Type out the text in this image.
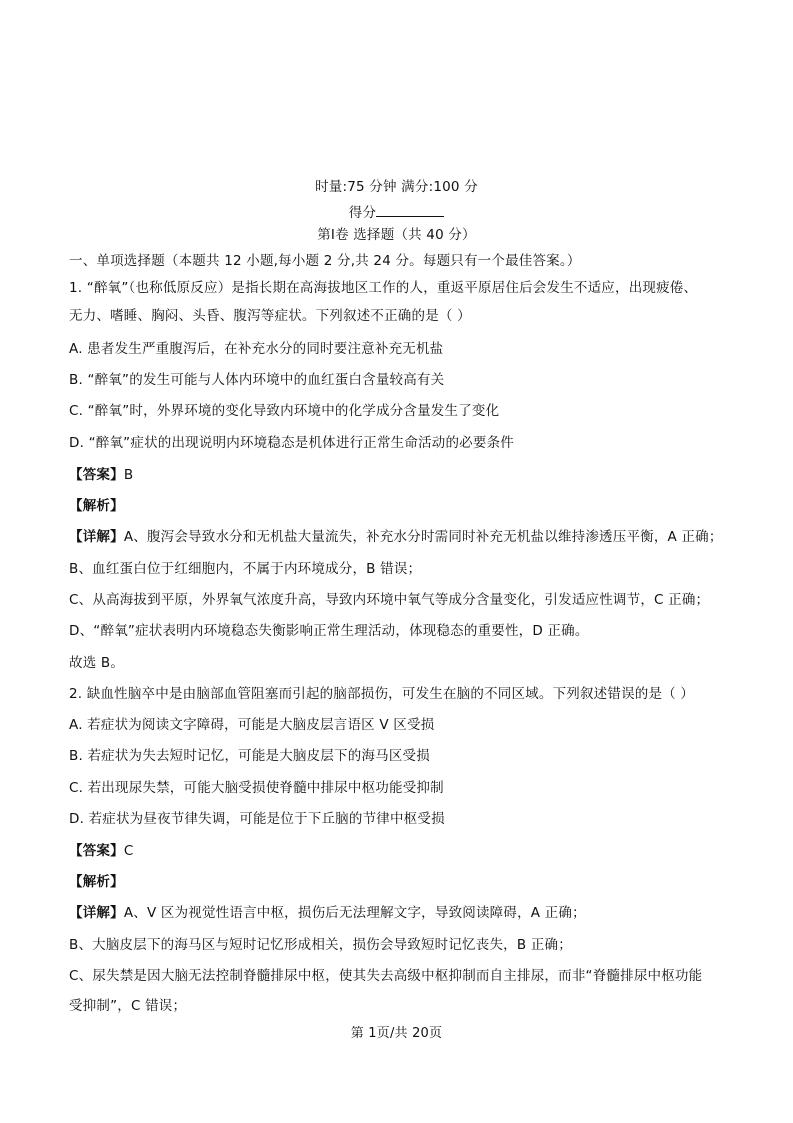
时量:75 分钟 满分:100 分
得分
第Ⅰ卷 选择题（共 40 分）
一、单项选择题（本题共 12 小题,每小题 2 分,共 24 分。每题只有一个最佳答案。）
1. “醉氧”（也称低原反应）是指长期在高海拔地区工作的人，重返平原居住后会发生不适应，出现疲倦、
无力、嗜睡、胸闷、头昏、腹泻等症状。下列叙述不正确的是（ ）
A. 患者发生严重腹泻后，在补充水分的同时要注意补充无机盐
B. “醉氧”的发生可能与人体内环境中的血红蛋白含量较高有关
C. “醉氧”时，外界环境的变化导致内环境中的化学成分含量发生了变化
D. “醉氧”症状的出现说明内环境稳态是机体进行正常生命活动的必要条件
【答案】B
【解析】
【详解】A、腹泻会导致水分和无机盐大量流失，补充水分时需同时补充无机盐以维持渗透压平衡，A 正确；
B、血红蛋白位于红细胞内，不属于内环境成分，B 错误；
C、从高海拔到平原，外界氧气浓度升高，导致内环境中氧气等成分含量变化，引发适应性调节，C 正确；
D、“醉氧”症状表明内环境稳态失衡影响正常生理活动，体现稳态的重要性，D 正确。
故选 B。
2. 缺血性脑卒中是由脑部血管阻塞而引起的脑部损伤，可发生在脑的不同区域。下列叙述错误的是（ ）
A. 若症状为阅读文字障碍，可能是大脑皮层言语区 V 区受损
B. 若症状为失去短时记忆，可能是大脑皮层下的海马区受损
C. 若出现尿失禁，可能大脑受损使脊髓中排尿中枢功能受抑制
D. 若症状为昼夜节律失调，可能是位于下丘脑的节律中枢受损
【答案】C
【解析】
【详解】A、V 区为视觉性语言中枢，损伤后无法理解文字，导致阅读障碍，A 正确；
B、大脑皮层下的海马区与短时记忆形成相关，损伤会导致短时记忆丧失，B 正确；
C、尿失禁是因大脑无法控制脊髓排尿中枢，使其失去高级中枢抑制而自主排尿，而非“脊髓排尿中枢功能
受抑制”，C 错误；
第 1页/共 20页
